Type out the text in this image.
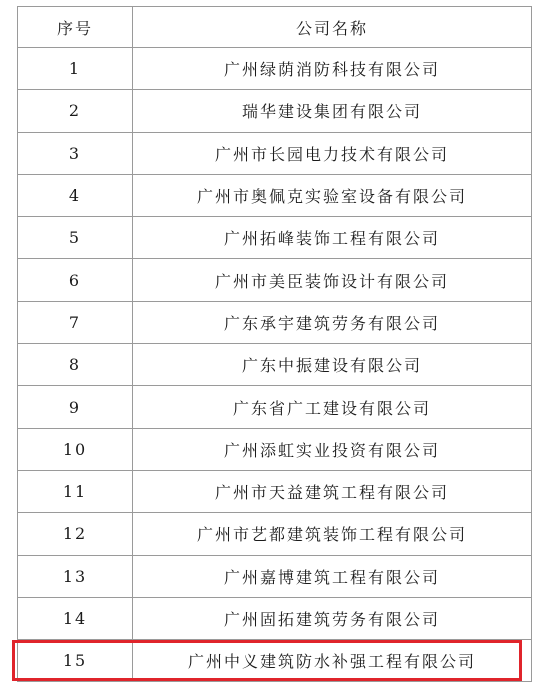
序号	公司名称
1	广州绿荫消防科技有限公司
2	瑞华建设集团有限公司
3	广州市长园电力技术有限公司
4	广州市奥佩克实验室设备有限公司
5	广州拓峰装饰工程有限公司
6	广州市美臣装饰设计有限公司
7	广东承宇建筑劳务有限公司
8	广东中振建设有限公司
9	广东省广工建设有限公司
10	广州添虹实业投资有限公司
11	广州市天益建筑工程有限公司
12	广州市艺都建筑装饰工程有限公司
13	广州嘉博建筑工程有限公司
14	广州固拓建筑劳务有限公司
15	广州中义建筑防水补强工程有限公司
